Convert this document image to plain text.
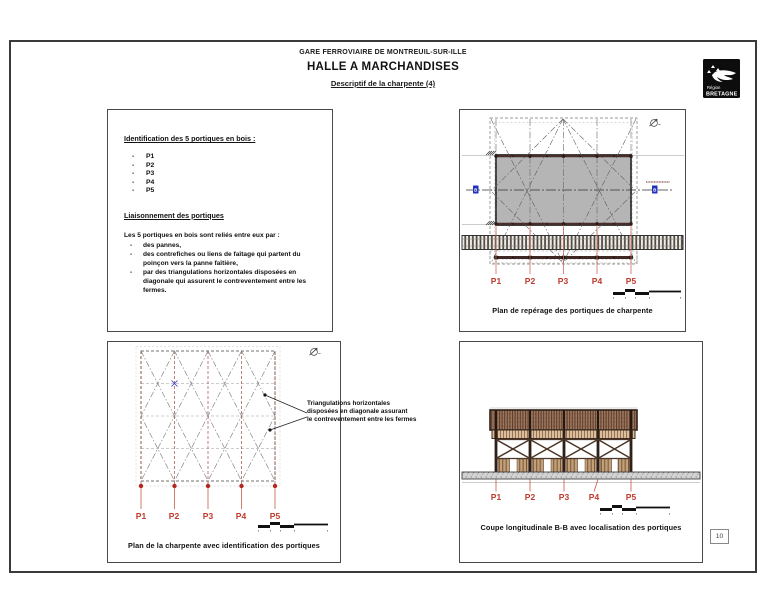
GARE FERROVIAIRE DE MONTREUIL-SUR-ILLE
HALLE A MARCHANDISES
Descriptif de la charpente (4)	Région
BRETAGNE
Identification des 5 portiques en bois :
-	P1
-	P2
-	P3
-	P4
-	P5
Liaisonnement des portiques
Les 5 portiques en bois sont reliés entre eux par :
-	des pannes,
-	des contrefiches ou liens de faîtage qui partent du poinçon vers la panne faîtière,
-	par des triangulations horizontales disposées en diagonale qui assurent le contreventement entre les fermes.
B	B
P1	P2	P3	P4	P5
Plan de repérage des portiques de charpente
P1	P2	P3	P4	P5
Plan de la charpente avec identification des portiques
P1	P2	P3 P4	P5
Coupe longitudinale B-B avec localisation des portiques
Triangulations horizontales
disposées en diagonale assurant
le contreventement entre les fermes
10
